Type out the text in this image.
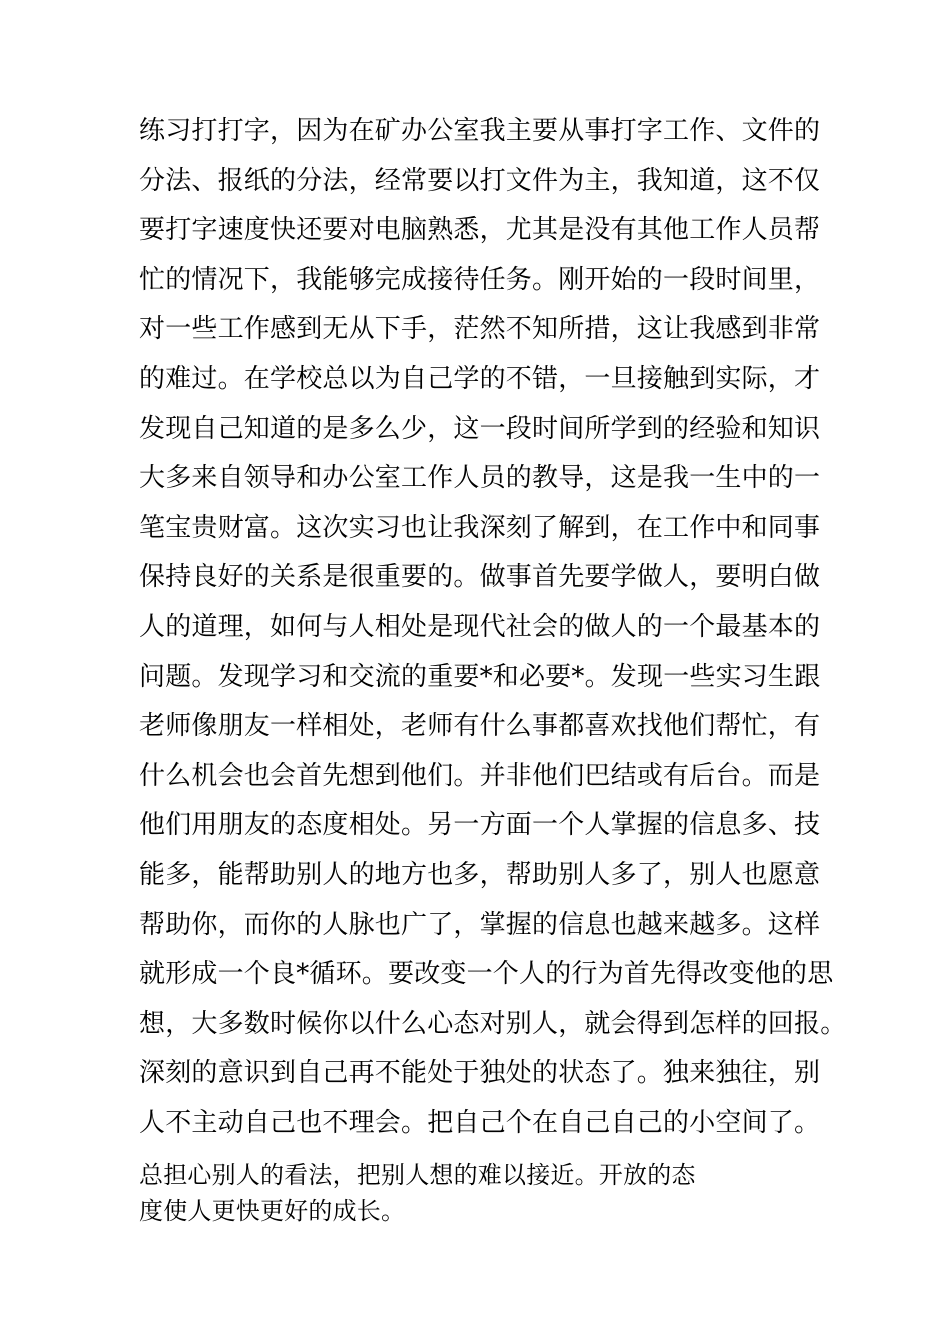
练习打打字，因为在矿办公室我主要从事打字工作、文件的
分法、报纸的分法，经常要以打文件为主，我知道，这不仅
要打字速度快还要对电脑熟悉，尤其是没有其他工作人员帮
忙的情况下，我能够完成接待任务。刚开始的一段时间里，
对一些工作感到无从下手，茫然不知所措，这让我感到非常
的难过。在学校总以为自己学的不错，一旦接触到实际，才
发现自己知道的是多么少，这一段时间所学到的经验和知识
大多来自领导和办公室工作人员的教导，这是我一生中的一
笔宝贵财富。这次实习也让我深刻了解到，在工作中和同事
保持良好的关系是很重要的。做事首先要学做人，要明白做
人的道理，如何与人相处是现代社会的做人的一个最基本的
问题。发现学习和交流的重要*和必要*。发现一些实习生跟
老师像朋友一样相处，老师有什么事都喜欢找他们帮忙，有
什么机会也会首先想到他们。并非他们巴结或有后台。而是
他们用朋友的态度相处。另一方面一个人掌握的信息多、技
能多，能帮助别人的地方也多，帮助别人多了，别人也愿意
帮助你，而你的人脉也广了，掌握的信息也越来越多。这样
就形成一个良*循环。要改变一个人的行为首先得改变他的思
想，大多数时候你以什么心态对别人，就会得到怎样的回报。
深刻的意识到自己再不能处于独处的状态了。独来独往，别
人不主动自己也不理会。把自己个在自己自己的小空间了。
总担心别人的看法，把别人想的难以接近。开放的态
度使人更快更好的成长。
